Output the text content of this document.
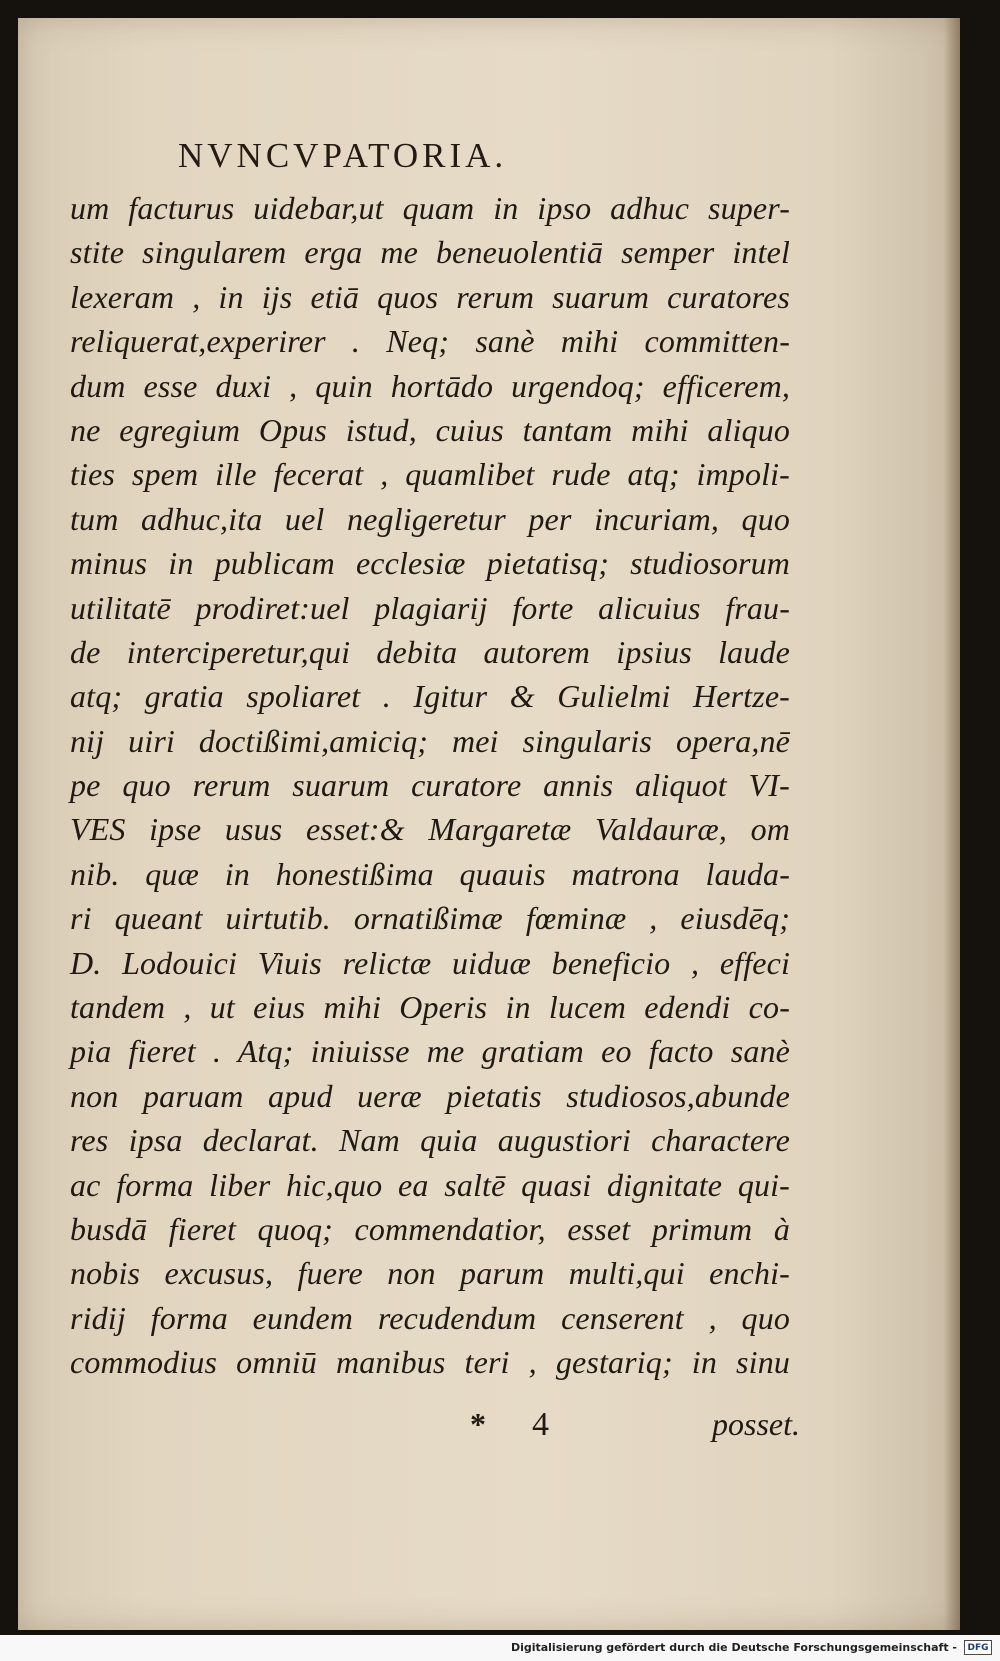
NVNCVPATORIA.
um facturus uidebar,ut quam in ipso adhuc super-
stite singularem erga me beneuolentiā semper intel
lexeram , in ijs etiā quos rerum suarum curatores
reliquerat,experirer . Neq; sanè mihi committen-
dum esse duxi , quin hortādo urgendoq; efficerem,
ne egregium Opus istud, cuius tantam mihi aliquo
ties spem ille fecerat , quamlibet rude atq; impoli-
tum adhuc,ita uel negligeretur per incuriam, quo
minus in publicam ecclesiæ pietatisq; studiosorum
utilitatē prodiret:uel plagiarij forte alicuius frau-
de interciperetur,qui debita autorem ipsius laude
atq; gratia spoliaret . Igitur & Gulielmi Hertze-
nij uiri doctißimi,amiciq; mei singularis opera,nē
pe quo rerum suarum curatore annis aliquot VI-
VES ipse usus esset:& Margaretæ Valdauræ, om
nib. quæ in honestißima quauis matrona lauda-
ri queant uirtutib. ornatißimæ fœminæ , eiusdēq;
D. Lodouici Viuis relictæ uiduæ beneficio , effeci
tandem , ut eius mihi Operis in lucem edendi co-
pia fieret . Atq; iniuisse me gratiam eo facto sanè
non paruam apud ueræ pietatis studiosos,abunde
res ipsa declarat. Nam quia augustiori charactere
ac forma liber hic,quo ea saltē quasi dignitate qui-
busdā fieret quoq; commendatior, esset primum à
nobis excusus, fuere non parum multi,qui enchi-
ridij forma eundem recudendum censerent , quo
commodius omniū manibus teri , gestariq; in sinu
* 4	posset.
Digitalisierung gefördert durch die Deutsche Forschungsgemeinschaft -	DFG
